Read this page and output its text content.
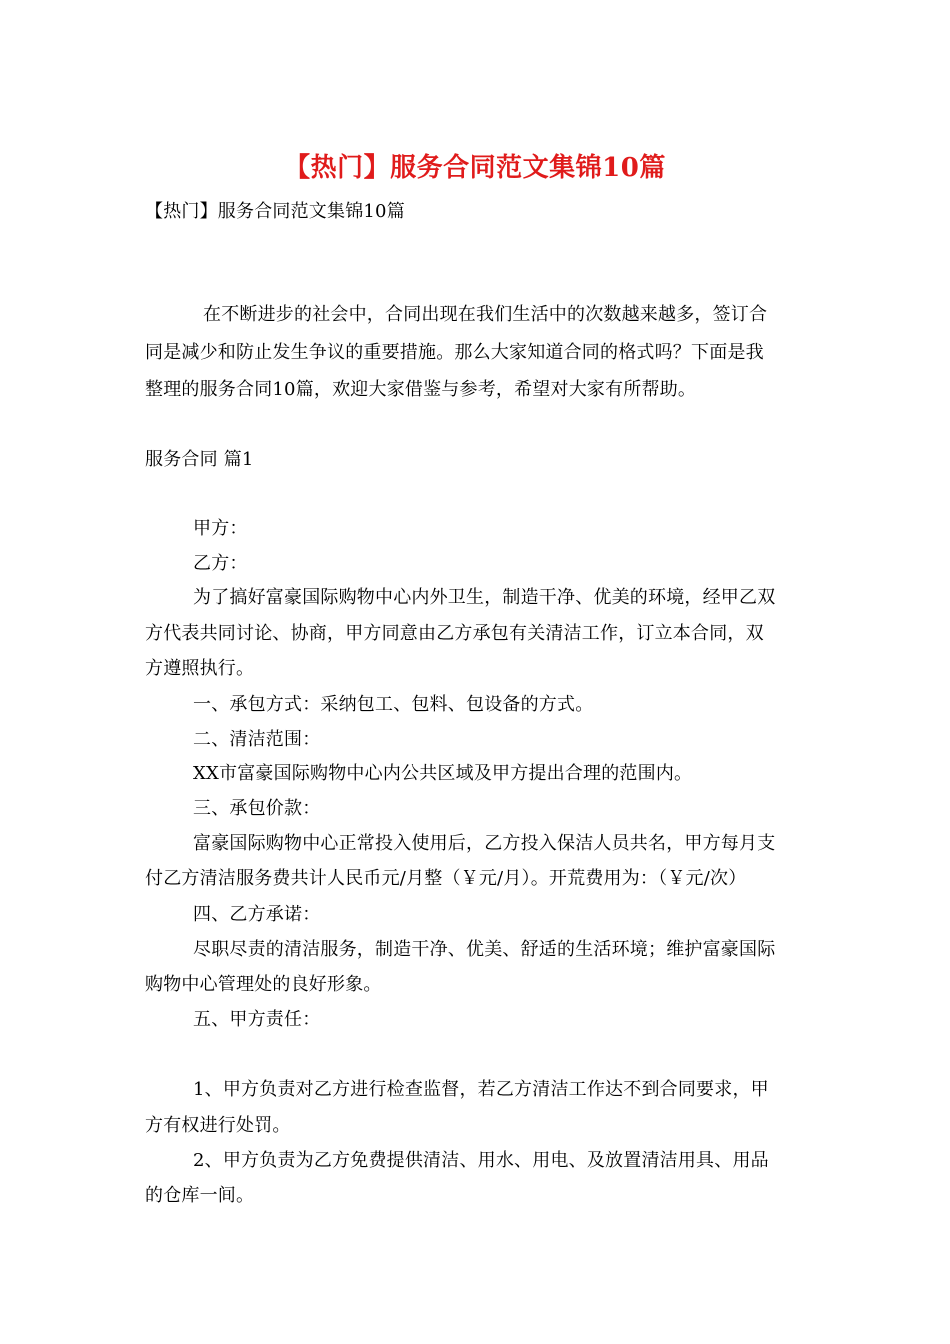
【热门】服务合同范文集锦10篇
【热门】服务合同范文集锦10篇
在不断进步的社会中，合同出现在我们生活中的次数越来越多，签订合
同是减少和防止发生争议的重要措施。那么大家知道合同的格式吗？下面是我
整理的服务合同10篇，欢迎大家借鉴与参考，希望对大家有所帮助。
服务合同 篇1
甲方：
乙方：
为了搞好富豪国际购物中心内外卫生，制造干净、优美的环境，经甲乙双
方代表共同讨论、协商，甲方同意由乙方承包有关清洁工作，订立本合同，双
方遵照执行。
一、承包方式：采纳包工、包料、包设备的方式。
二、清洁范围：
XX市富豪国际购物中心内公共区域及甲方提出合理的范围内。
三、承包价款：
富豪国际购物中心正常投入使用后，乙方投入保洁人员共名，甲方每月支
付乙方清洁服务费共计人民币元/月整（￥元/月）。开荒费用为：（￥元/次）
四、乙方承诺：
尽职尽责的清洁服务，制造干净、优美、舒适的生活环境；维护富豪国际
购物中心管理处的良好形象。
五、甲方责任：
1、甲方负责对乙方进行检查监督，若乙方清洁工作达不到合同要求，甲
方有权进行处罚。
2、甲方负责为乙方免费提供清洁、用水、用电、及放置清洁用具、用品
的仓库一间。
